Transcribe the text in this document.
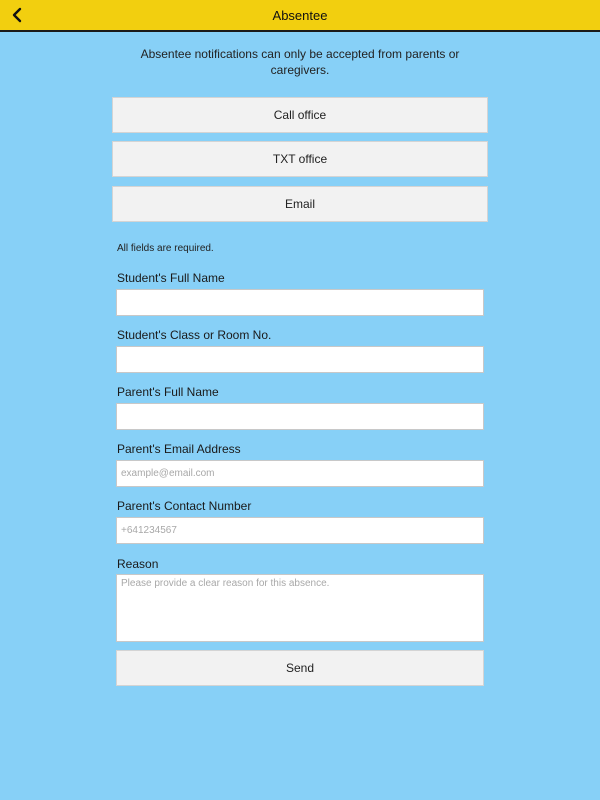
Absentee
Absentee notifications can only be accepted from parents or caregivers.
Call office
TXT office
Email
All fields are required.
Student's Full Name
Student's Class or Room No.
Parent's Full Name
Parent's Email Address
example@email.com
Parent's Contact Number
+641234567
Reason
Please provide a clear reason for this absence.
Send
